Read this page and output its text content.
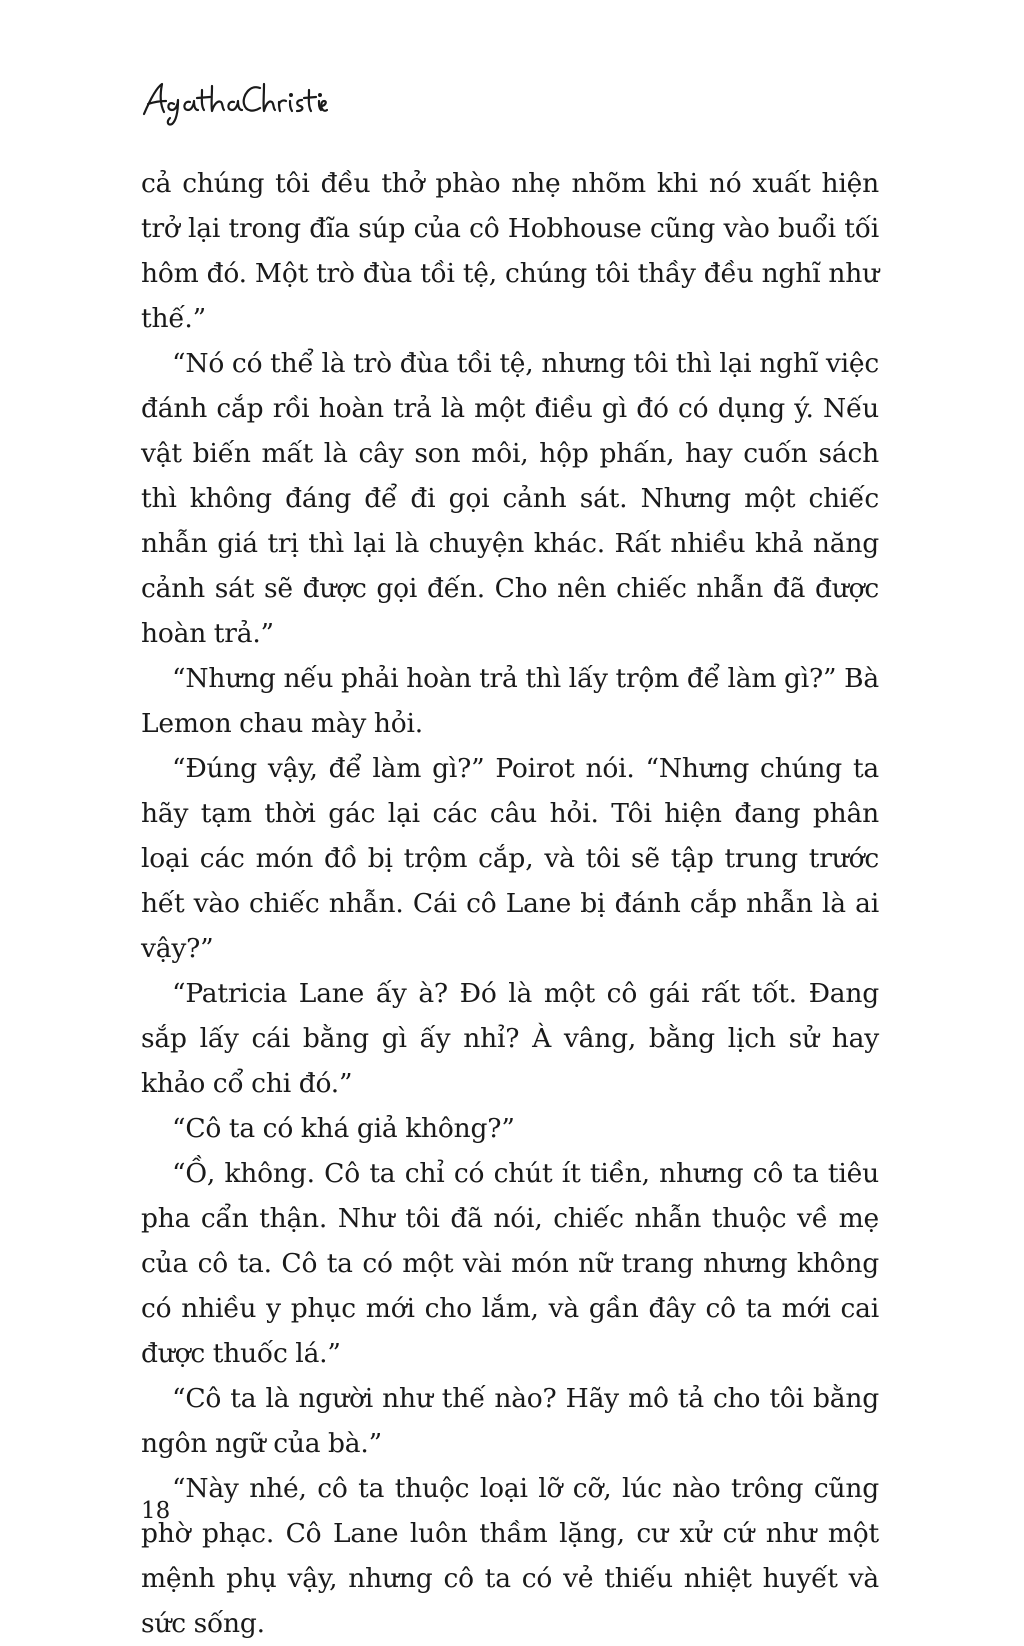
cả chúng tôi đều thở phào nhẹ nhõm khi nó xuất hiện trở lại trong đĩa súp của cô Hobhouse cũng vào buổi tối hôm đó. Một trò đùa tồi tệ, chúng tôi thầy đều nghĩ như thế.”

“Nó có thể là trò đùa tồi tệ, nhưng tôi thì lại nghĩ việc đánh cắp rồi hoàn trả là một điều gì đó có dụng ý. Nếu vật biến mất là cây son môi, hộp phấn, hay cuốn sách thì không đáng để đi gọi cảnh sát. Nhưng một chiếc nhẫn giá trị thì lại là chuyện khác. Rất nhiều khả năng cảnh sát sẽ được gọi đến. Cho nên chiếc nhẫn đã được hoàn trả.”

“Nhưng nếu phải hoàn trả thì lấy trộm để làm gì?” Bà Lemon chau mày hỏi.

“Đúng vậy, để làm gì?” Poirot nói. “Nhưng chúng ta hãy tạm thời gác lại các câu hỏi. Tôi hiện đang phân loại các món đồ bị trộm cắp, và tôi sẽ tập trung trước hết vào chiếc nhẫn. Cái cô Lane bị đánh cắp nhẫn là ai vậy?”

“Patricia Lane ấy à? Đó là một cô gái rất tốt. Đang sắp lấy cái bằng gì ấy nhỉ? À vâng, bằng lịch sử hay khảo cổ chi đó.”

“Cô ta có khá giả không?”

“Ồ, không. Cô ta chỉ có chút ít tiền, nhưng cô ta tiêu pha cẩn thận. Như tôi đã nói, chiếc nhẫn thuộc về mẹ của cô ta. Cô ta có một vài món nữ trang nhưng không có nhiều y phục mới cho lắm, và gần đây cô ta mới cai được thuốc lá.”

“Cô ta là người như thế nào? Hãy mô tả cho tôi bằng ngôn ngữ của bà.”

“Này nhé, cô ta thuộc loại lỡ cỡ, lúc nào trông cũng phờ phạc. Cô Lane luôn thầm lặng, cư xử cứ như một mệnh phụ vậy, nhưng cô ta có vẻ thiếu nhiệt huyết và sức sống.

18
